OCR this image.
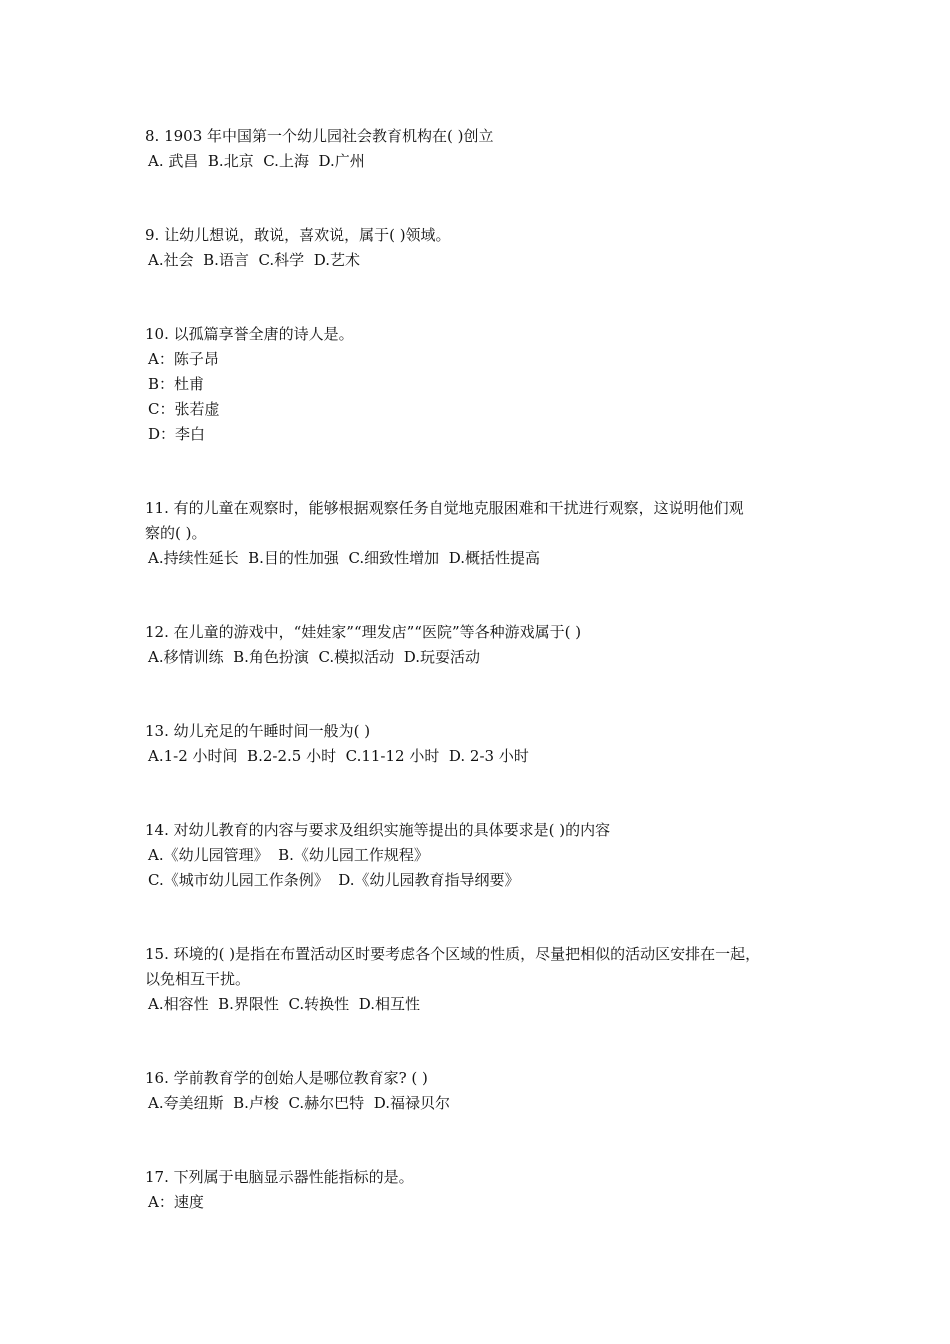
8. 1903 年中国第一个幼儿园社会教育机构在( )创立

A. 武昌  B.北京  C.上海  D.广州

9. 让幼儿想说，敢说，喜欢说，属于( )领域。

A.社会  B.语言  C.科学  D.艺术

10. 以孤篇享誉全唐的诗人是。

A：陈子昂

B：杜甫

C：张若虚

D：李白

11. 有的儿童在观察时，能够根据观察任务自觉地克服困难和干扰进行观察，这说明他们观

察的( )。

A.持续性延长  B.目的性加强  C.细致性增加  D.概括性提高

12. 在儿童的游戏中，“娃娃家”“理发店”“医院”等各种游戏属于( )

A.移情训练  B.角色扮演  C.模拟活动  D.玩耍活动

13. 幼儿充足的午睡时间一般为( )

A.1-2 小时间  B.2-2.5 小时  C.11-12 小时  D. 2-3 小时

14. 对幼儿教育的内容与要求及组织实施等提出的具体要求是( )的内容

A.《幼儿园管理》  B.《幼儿园工作规程》

C.《城市幼儿园工作条例》  D.《幼儿园教育指导纲要》

15. 环境的( )是指在布置活动区时要考虑各个区域的性质，尽量把相似的活动区安排在一起，

以免相互干扰。

A.相容性  B.界限性  C.转换性  D.相互性

16. 学前教育学的创始人是哪位教育家? ( )

A.夸美纽斯  B.卢梭  C.赫尔巴特  D.福禄贝尔

17. 下列属于电脑显示器性能指标的是。

A：速度
